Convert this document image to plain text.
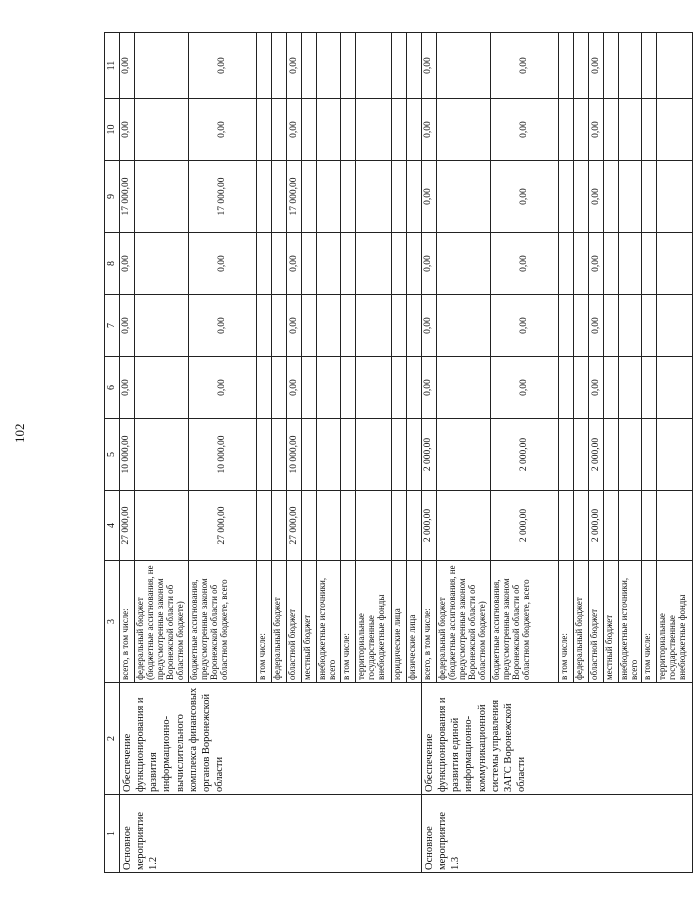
102
1	2	3	4	5	6	7	8	9	10	11
Основное мероприятие 1.2	Обеспечение функционирования и развития информационно-вычислительного комплекса финансовых органов Воронежской области	всего, в том числе:	27 000,00	10 000,00	0,00	0,00	0,00	17 000,00	0,00	0,00
		федеральный бюджет (бюджетные ассигнования, не предусмотренные законом Воронежской области об областном бюджете)								
		бюджетные ассигнования, предусмотренные законом Воронежской области об областном бюджете, всего	27 000,00	10 000,00	0,00	0,00	0,00	17 000,00	0,00	0,00
		в том числе:								
		федеральный бюджет								
		областной бюджет	27 000,00	10 000,00	0,00	0,00	0,00	17 000,00	0,00	0,00
		местный бюджет								
		внебюджетные источники, всего								
		в том числе:								
		территориальные государственные внебюджетные фонды								
		юридические лица								
		физические лица								
Основное мероприятие 1.3	Обеспечение функционирования и развития единой информационно-коммуникационной системы управления ЗАГС Воронежской области	всего, в том числе:	2 000,00	2 000,00	0,00	0,00	0,00	0,00	0,00	0,00
		федеральный бюджет (бюджетные ассигнования, не предусмотренные законом Воронежской области об областном бюджете)								
		бюджетные ассигнования, предусмотренные законом Воронежской области об областном бюджете, всего	2 000,00	2 000,00	0,00	0,00	0,00	0,00	0,00	0,00
		в том числе:								
		федеральный бюджет								
		областной бюджет	2 000,00	2 000,00	0,00	0,00	0,00	0,00	0,00	0,00
		местный бюджет								
		внебюджетные источники, всего								
		в том числе:								
		территориальные государственные внебюджетные фонды								
